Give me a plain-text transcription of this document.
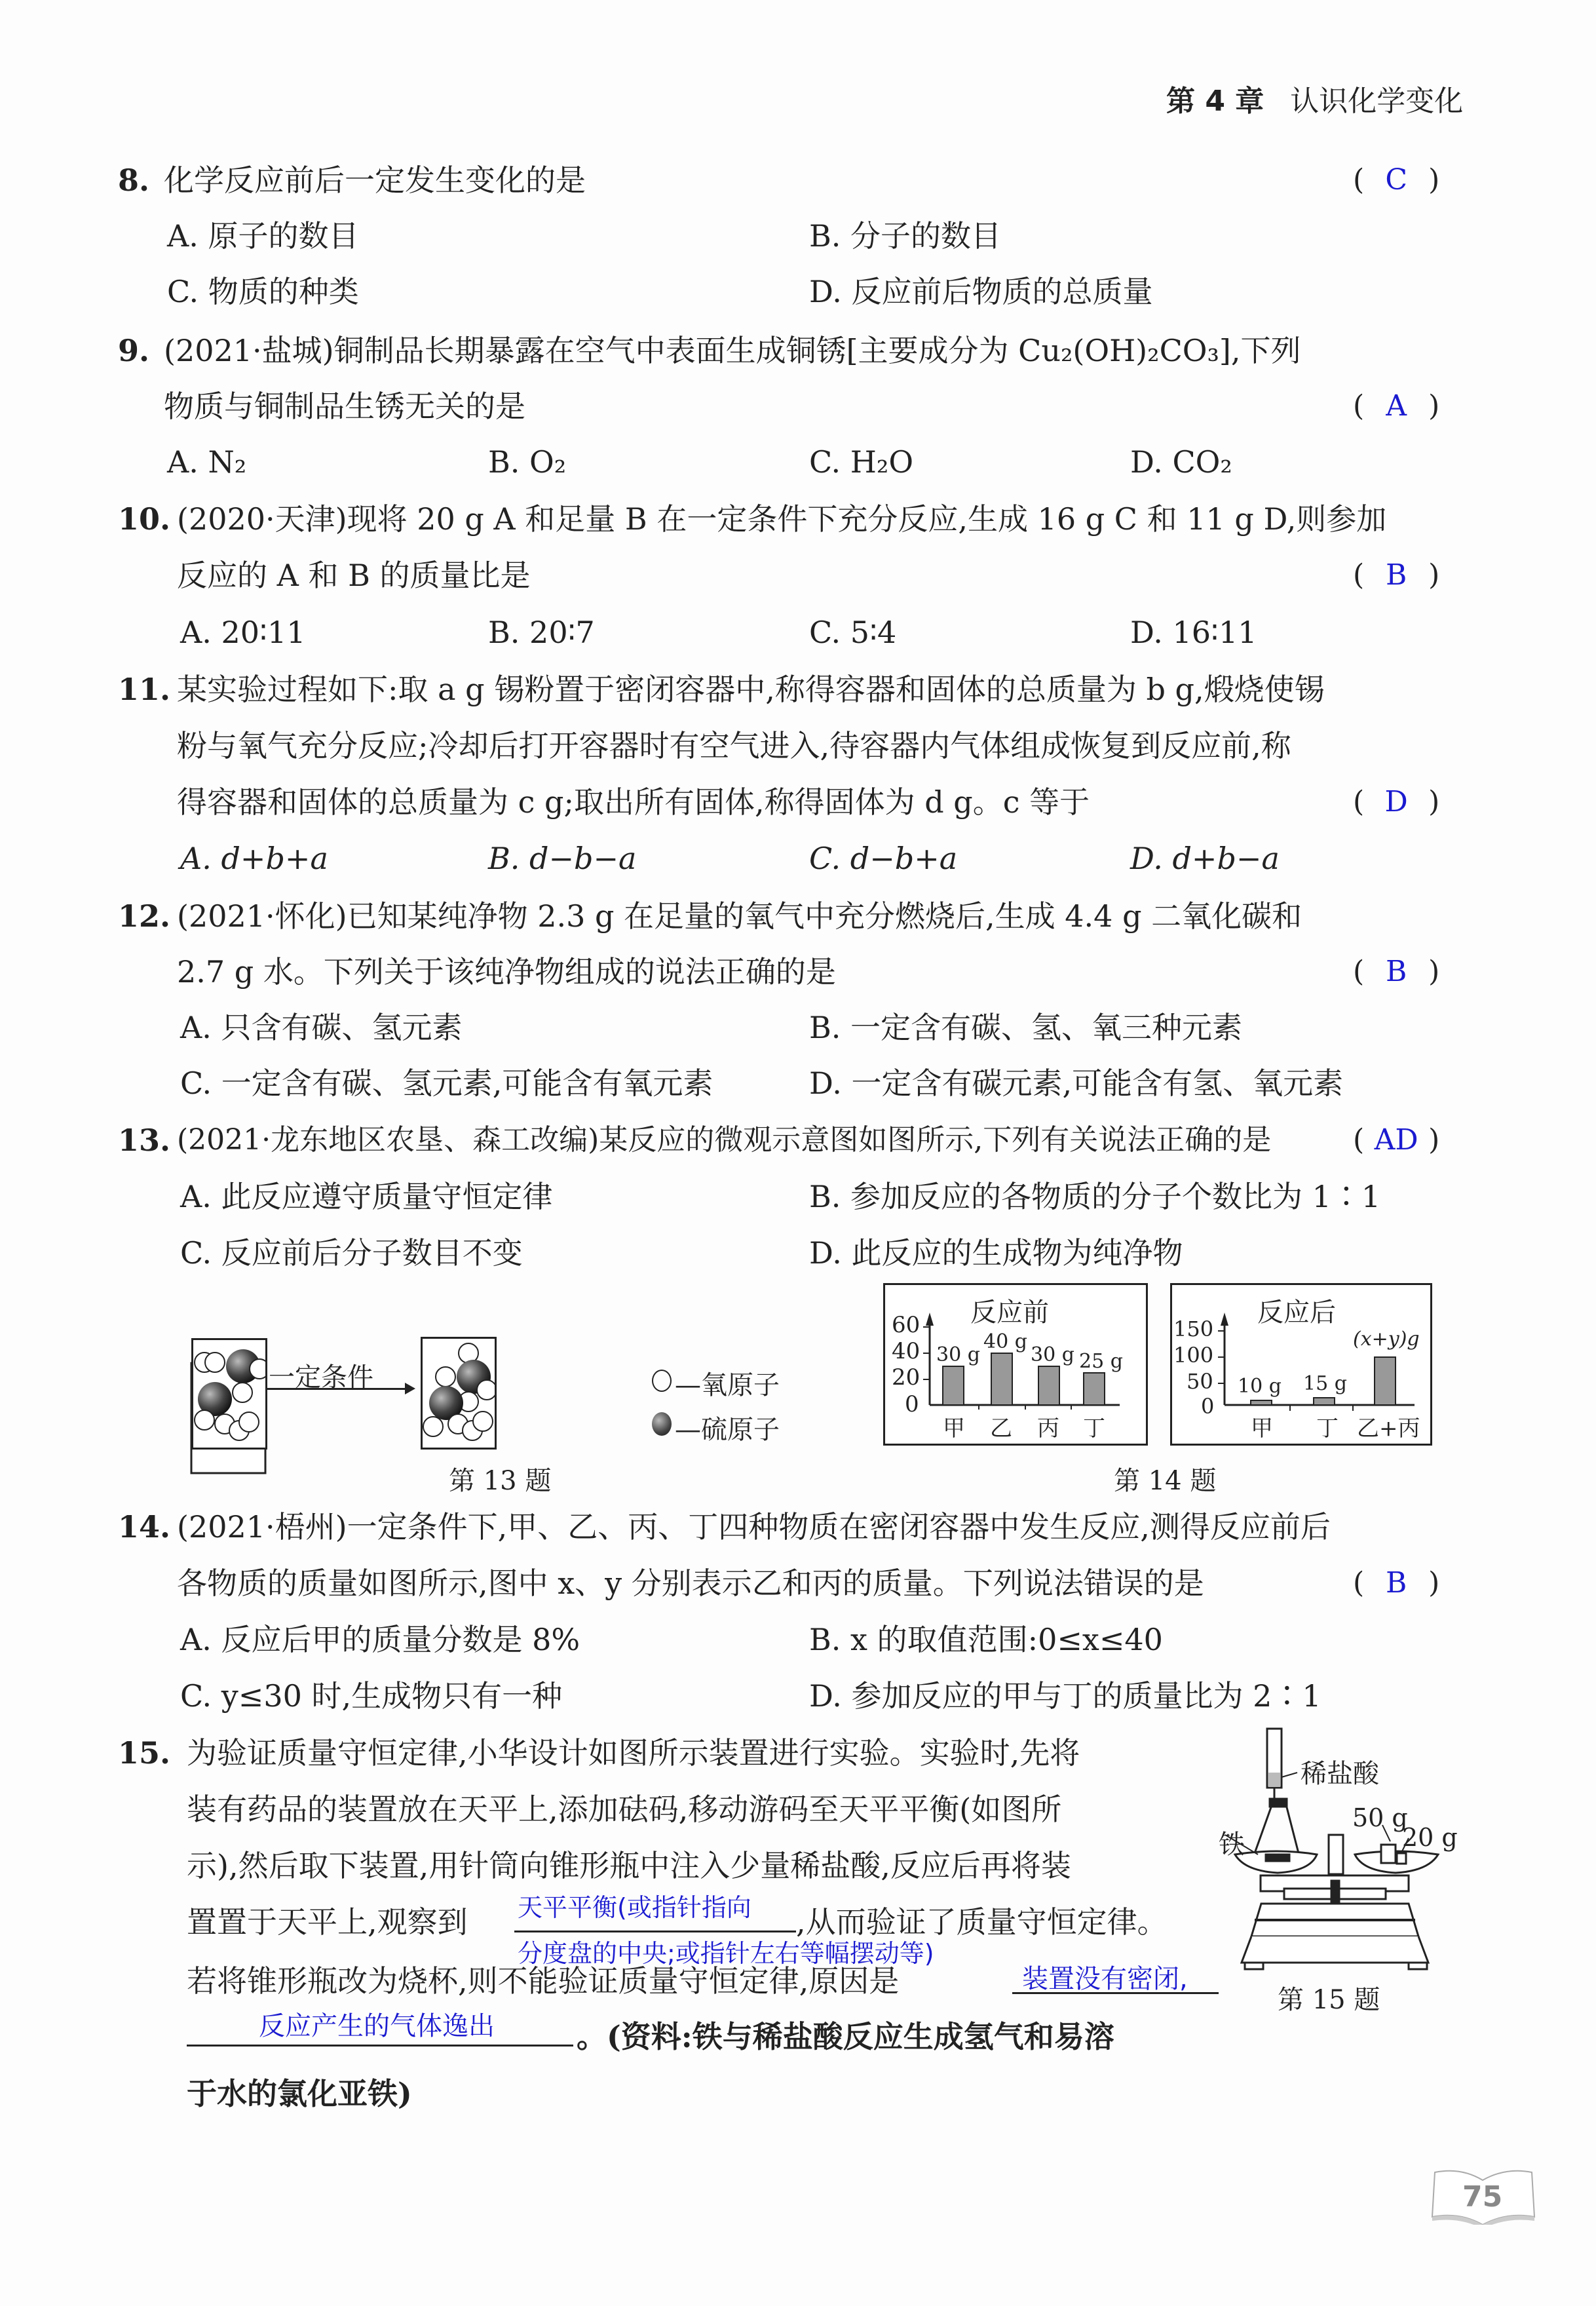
第 4 章 认识化学变化
8. 化学反应前后一定发生变化的是	( C )
A. 原子的数目	B. 分子的数目
C. 物质的种类	D. 反应前后物质的总质量
9. (2021·盐城)铜制品长期暴露在空气中表面生成铜锈[主要成分为 Cu₂(OH)₂CO₃],下列
物质与铜制品生锈无关的是	( A )
A. N₂	B. O₂	C. H₂O	D. CO₂
10. (2020·天津)现将 20 g A 和足量 B 在一定条件下充分反应,生成 16 g C 和 11 g D,则参加
反应的 A 和 B 的质量比是	( B )
A. 20∶11	B. 20∶7	C. 5∶4	D. 16∶11
11. 某实验过程如下:取 a g 锡粉置于密闭容器中,称得容器和固体的总质量为 b g,煅烧使锡
粉与氧气充分反应;冷却后打开容器时有空气进入,待容器内气体组成恢复到反应前,称
得容器和固体的总质量为 c g;取出所有固体,称得固体为 d g。c 等于	( D )
A. d+b+a	B. d−b−a	C. d−b+a	D. d+b−a
12. (2021·怀化)已知某纯净物 2.3 g 在足量的氧气中充分燃烧后,生成 4.4 g 二氧化碳和
2.7 g 水。下列关于该纯净物组成的说法正确的是	( B )
A. 只含有碳、氢元素	B. 一定含有碳、氢、氧三种元素
C. 一定含有碳、氢元素,可能含有氧元素	D. 一定含有碳元素,可能含有氢、氧元素
13. (2021·龙东地区农垦、森工改编)某反应的微观示意图如图所示,下列有关说法正确的是	( AD )
A. 此反应遵守质量守恒定律	B. 参加反应的各物质的分子个数比为 1∶1
C. 反应前后分子数目不变	D. 此反应的生成物为纯净物
一定条件	—氧原子
—硫原子
第 13 题
反应前
60
40
20
0
30 g
40 g
30 g 25 g
甲 乙 丙 丁
反应后
150
100
50
0
10 g 15 g
(x+y)g
甲 丁 乙+丙
第 14 题
14. (2021·梧州)一定条件下,甲、乙、丙、丁四种物质在密闭容器中发生反应,测得反应前后
各物质的质量如图所示,图中 x、y 分别表示乙和丙的质量。下列说法错误的是	( B )
A. 反应后甲的质量分数是 8%	B. x 的取值范围:0≤x≤40
C. y≤30 时,生成物只有一种	D. 参加反应的甲与丁的质量比为 2∶1
15. 为验证质量守恒定律,小华设计如图所示装置进行实验。实验时,先将
装有药品的装置放在天平上,添加砝码,移动游码至天平平衡(如图所
示),然后取下装置,用针筒向锥形瓶中注入少量稀盐酸,反应后再将装
置置于天平上,观察到 天平平衡(或指针指向
分度盘的中央;或指针左右等幅摆动等)
,从而验证了质量守恒定律。
若将锥形瓶改为烧杯,则不能验证质量守恒定律,原因是	装置没有密闭,
反应产生的气体逸出	。(资料:铁与稀盐酸反应生成氢气和易溶
于水的氯化亚铁)
稀盐酸
铁
50 g
20 g
第 15 题
75
